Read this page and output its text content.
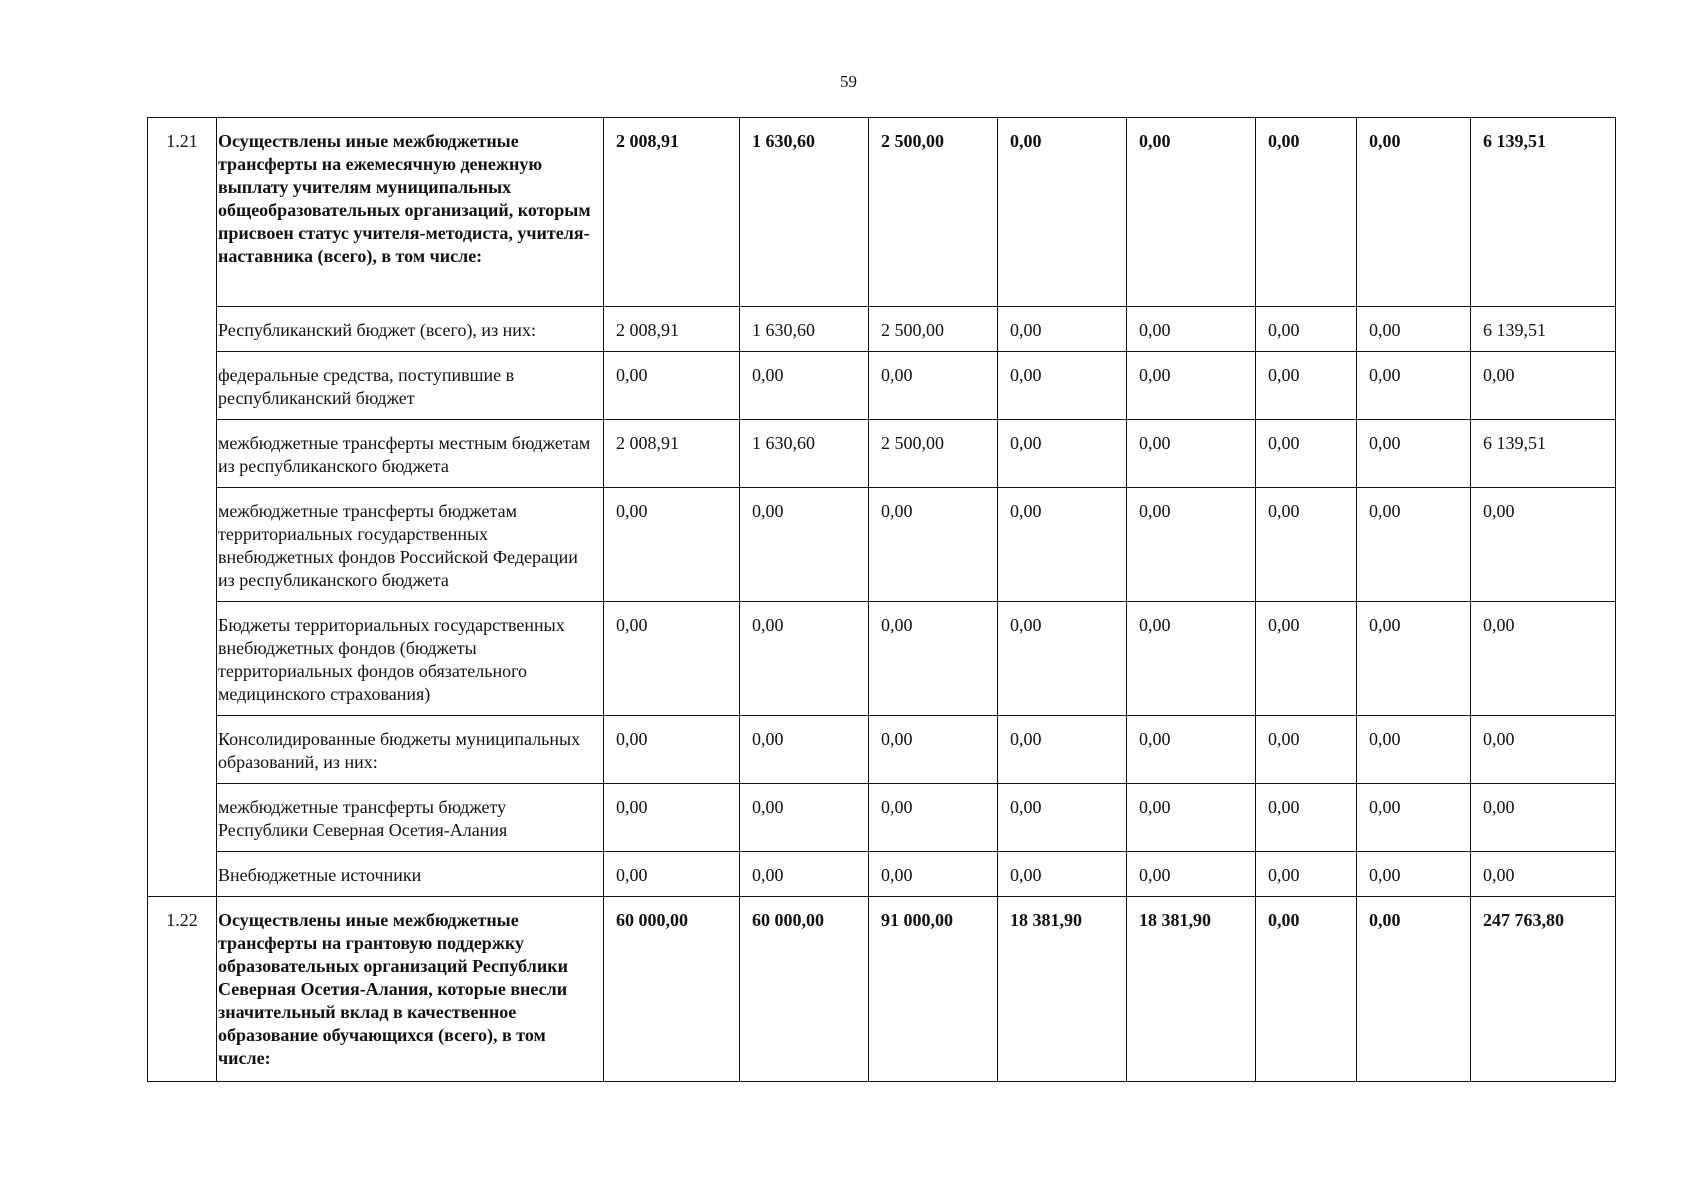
59
1.21	Осуществлены иные межбюджетные трансферты на ежемесячную денежную выплату учителям муниципальных общеобразовательных организаций, которым присвоен статус учителя-методиста, учителя-наставника (всего), в том числе:	2 008,91	1 630,60	2 500,00	0,00	0,00	0,00	0,00	6 139,51
	Республиканский бюджет (всего), из них:	2 008,91	1 630,60	2 500,00	0,00	0,00	0,00	0,00	6 139,51
	федеральные средства, поступившие в республиканский бюджет	0,00	0,00	0,00	0,00	0,00	0,00	0,00	0,00
	межбюджетные трансферты местным бюджетам из республиканского бюджета	2 008,91	1 630,60	2 500,00	0,00	0,00	0,00	0,00	6 139,51
	межбюджетные трансферты бюджетам территориальных государственных внебюджетных фондов Российской Федерации из республиканского бюджета	0,00	0,00	0,00	0,00	0,00	0,00	0,00	0,00
	Бюджеты территориальных государственных внебюджетных фондов (бюджеты территориальных фондов обязательного медицинского страхования)	0,00	0,00	0,00	0,00	0,00	0,00	0,00	0,00
	Консолидированные бюджеты муниципальных образований, из них:	0,00	0,00	0,00	0,00	0,00	0,00	0,00	0,00
	межбюджетные трансферты бюджету Республики Северная Осетия-Алания	0,00	0,00	0,00	0,00	0,00	0,00	0,00	0,00
	Внебюджетные источники	0,00	0,00	0,00	0,00	0,00	0,00	0,00	0,00
1.22	Осуществлены иные межбюджетные трансферты на грантовую поддержку образовательных организаций Республики Северная Осетия-Алания, которые внесли значительный вклад в качественное образование обучающихся (всего), в том числе:	60 000,00	60 000,00	91 000,00	18 381,90	18 381,90	0,00	0,00	247 763,80
